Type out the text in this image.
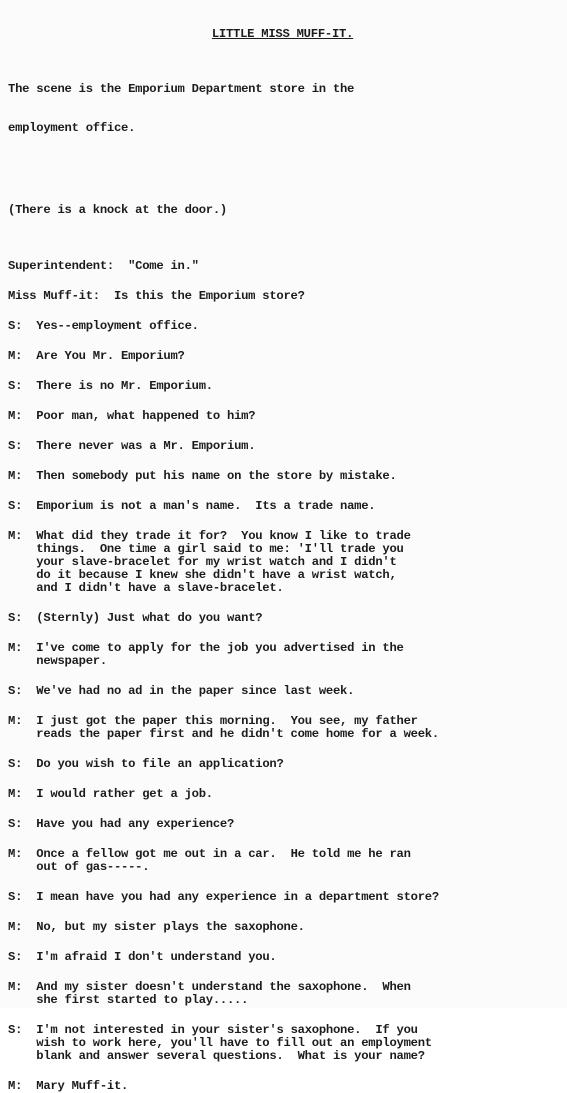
LITTLE MISS MUFF-IT.

The scene is the Emporium Department store in the

employment office.

(There is a knock at the door.)

Superintendent: "Come in."
Miss Muff-it: Is this the Emporium store?
S: Yes--employment office.
M: Are You Mr. Emporium?
S: There is no Mr. Emporium.
M: Poor man, what happened to him?
S: There never was a Mr. Emporium.
M: Then somebody put his name on the store by mistake.
S: Emporium is not a man's name.  Its a trade name.
M: What did they trade it for?  You know I like to trade
things.  One time a girl said to me: 'I'll trade you
your slave-bracelet for my wrist watch and I didn't
do it because I knew she didn't have a wrist watch,
and I didn't have a slave-bracelet.
S: (Sternly) Just what do you want?
M: I've come to apply for the job you advertised in the
newspaper.
S: We've had no ad in the paper since last week.
M: I just got the paper this morning.  You see, my father
reads the paper first and he didn't come home for a week.
S: Do you wish to file an application?
M: I would rather get a job.
S: Have you had any experience?
M: Once a fellow got me out in a car.  He told me he ran
out of gas-----.
S: I mean have you had any experience in a department store?
M: No, but my sister plays the saxophone.
S: I'm afraid I don't understand you.
M: And my sister doesn't understand the saxophone.  When
she first started to play.....
S: I'm not interested in your sister's saxophone.  If you
wish to work here, you'll have to fill out an employment
blank and answer several questions.  What is your name?
M: Mary Muff-it.
